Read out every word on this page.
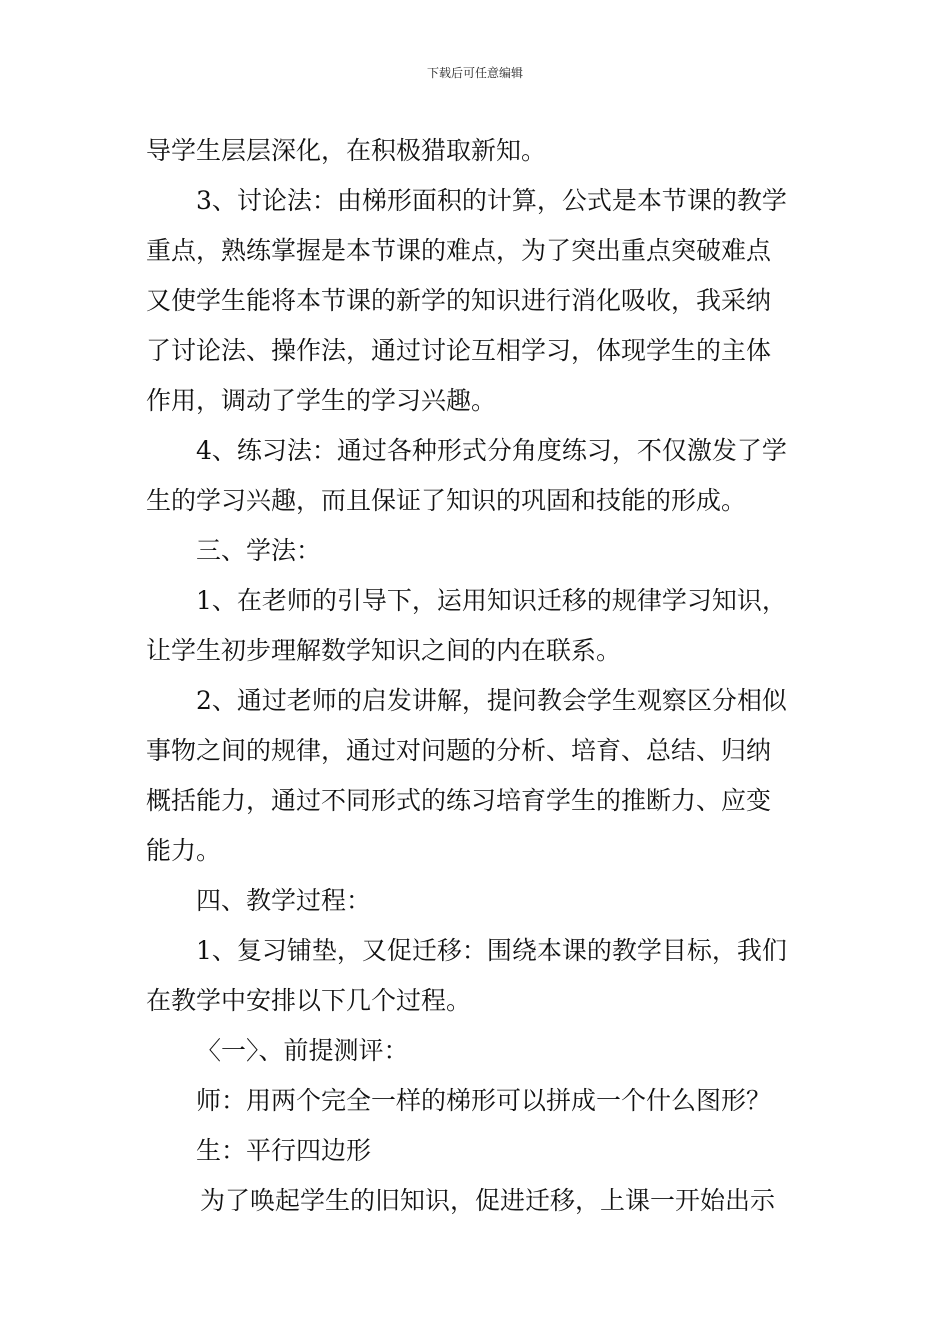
下载后可任意编辑
导学生层层深化，在积极猎取新知。
3、讨论法：由梯形面积的计算，公式是本节课的教学
重点，熟练掌握是本节课的难点，为了突出重点突破难点
又使学生能将本节课的新学的知识进行消化吸收，我采纳
了讨论法、操作法，通过讨论互相学习，体现学生的主体
作用，调动了学生的学习兴趣。
4、练习法：通过各种形式分角度练习，不仅激发了学
生的学习兴趣，而且保证了知识的巩固和技能的形成。
三、学法：
1、在老师的引导下，运用知识迁移的规律学习知识，
让学生初步理解数学知识之间的内在联系。
2、通过老师的启发讲解，提问教会学生观察区分相似
事物之间的规律，通过对问题的分析、培育、总结、归纳
概括能力，通过不同形式的练习培育学生的推断力、应变
能力。
四、教学过程：
1、复习铺垫，又促迁移：围绕本课的教学目标，我们
在教学中安排以下几个过程。
〈一〉、前提测评：
师：用两个完全一样的梯形可以拼成一个什么图形？
生：平行四边形
为了唤起学生的旧知识，促进迁移，上课一开始出示
